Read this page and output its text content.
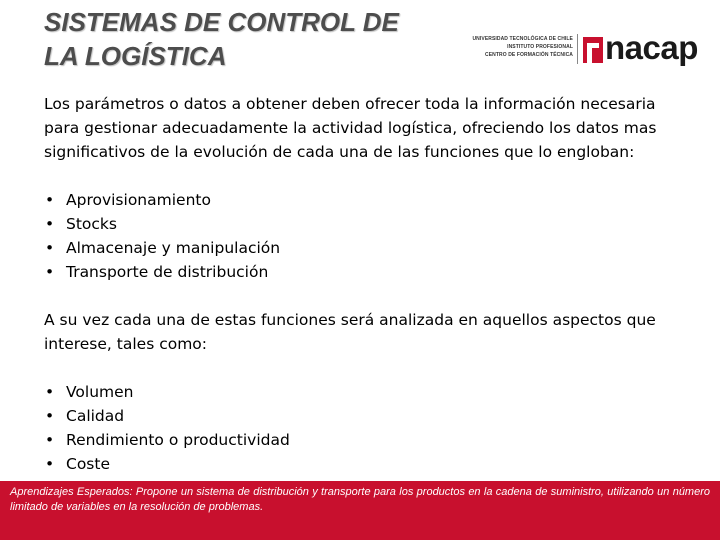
SISTEMAS DE CONTROL DE
LA LOGÍSTICA
UNIVERSIDAD TECNOLÓGICA DE CHILE
INSTITUTO PROFESIONAL
CENTRO DE FORMACIÓN TÉCNICA nacap

Los parámetros o datos a obtener deben ofrecer toda la información necesaria para gestionar adecuadamente la actividad logística, ofreciendo los datos mas significativos de la evolución de cada una de las funciones que lo engloban:

• Aprovisionamiento
• Stocks
• Almacenaje y manipulación
• Transporte de distribución

A su vez cada una de estas funciones será analizada en aquellos aspectos que interese, tales como:

• Volumen
• Calidad
• Rendimiento o productividad
• Coste

Aprendizajes Esperados: Propone un sistema de distribución y transporte para los productos en la cadena de suministro, utilizando un número limitado de variables en la resolución de problemas.
